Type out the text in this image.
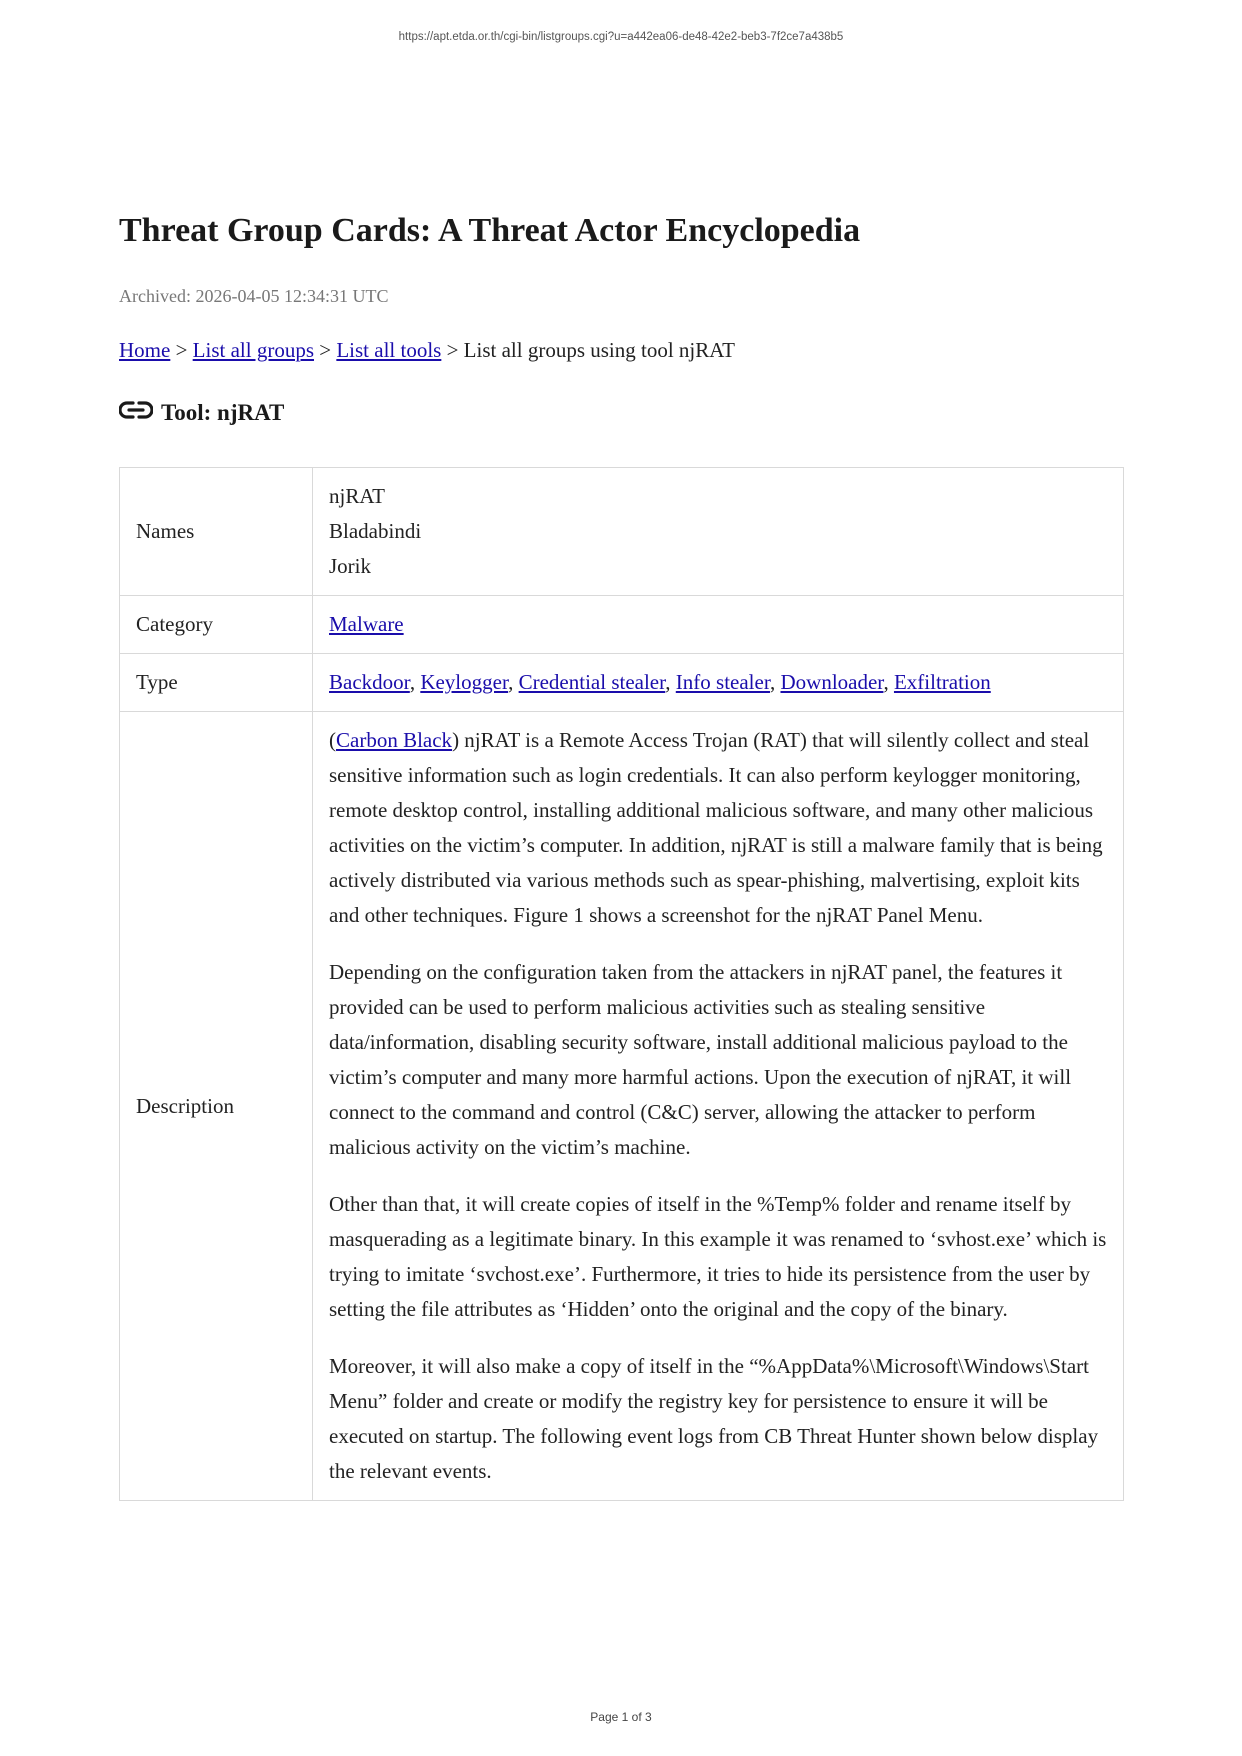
https://apt.etda.or.th/cgi-bin/listgroups.cgi?u=a442ea06-de48-42e2-beb3-7f2ce7a438b5
Threat Group Cards: A Threat Actor Encyclopedia
Archived: 2026-04-05 12:34:31 UTC
Home > List all groups > List all tools > List all groups using tool njRAT
Tool: njRAT
Names	njRAT
Bladabindi
Jorik

Category	Malware
Type	Backdoor, Keylogger, Credential stealer, Info stealer, Downloader, Exfiltration
Description	(Carbon Black) njRAT is a Remote Access Trojan (RAT) that will silently collect and steal sensitive information such as login credentials. It can also perform keylogger monitoring, remote desktop control, installing additional malicious software, and many other malicious activities on the victim’s computer. In addition, njRAT is still a malware family that is being actively distributed via various methods such as spear-phishing, malvertising, exploit kits and other techniques. Figure 1 shows a screenshot for the njRAT Panel Menu.

Depending on the configuration taken from the attackers in njRAT panel, the features it provided can be used to perform malicious activities such as stealing sensitive data/information, disabling security software, install additional malicious payload to the victim’s computer and many more harmful actions. Upon the execution of njRAT, it will connect to the command and control (C&C) server, allowing the attacker to perform malicious activity on the victim’s machine.

Other than that, it will create copies of itself in the %Temp% folder and rename itself by masquerading as a legitimate binary. In this example it was renamed to ‘svhost.exe’ which is trying to imitate ‘svchost.exe’. Furthermore, it tries to hide its persistence from the user by setting the file attributes as ‘Hidden’ onto the original and the copy of the binary.

Moreover, it will also make a copy of itself in the “%AppData%\Microsoft\Windows\Start Menu” folder and create or modify the registry key for persistence to ensure it will be executed on startup. The following event logs from CB Threat Hunter shown below display the relevant events.

Page 1 of 3
